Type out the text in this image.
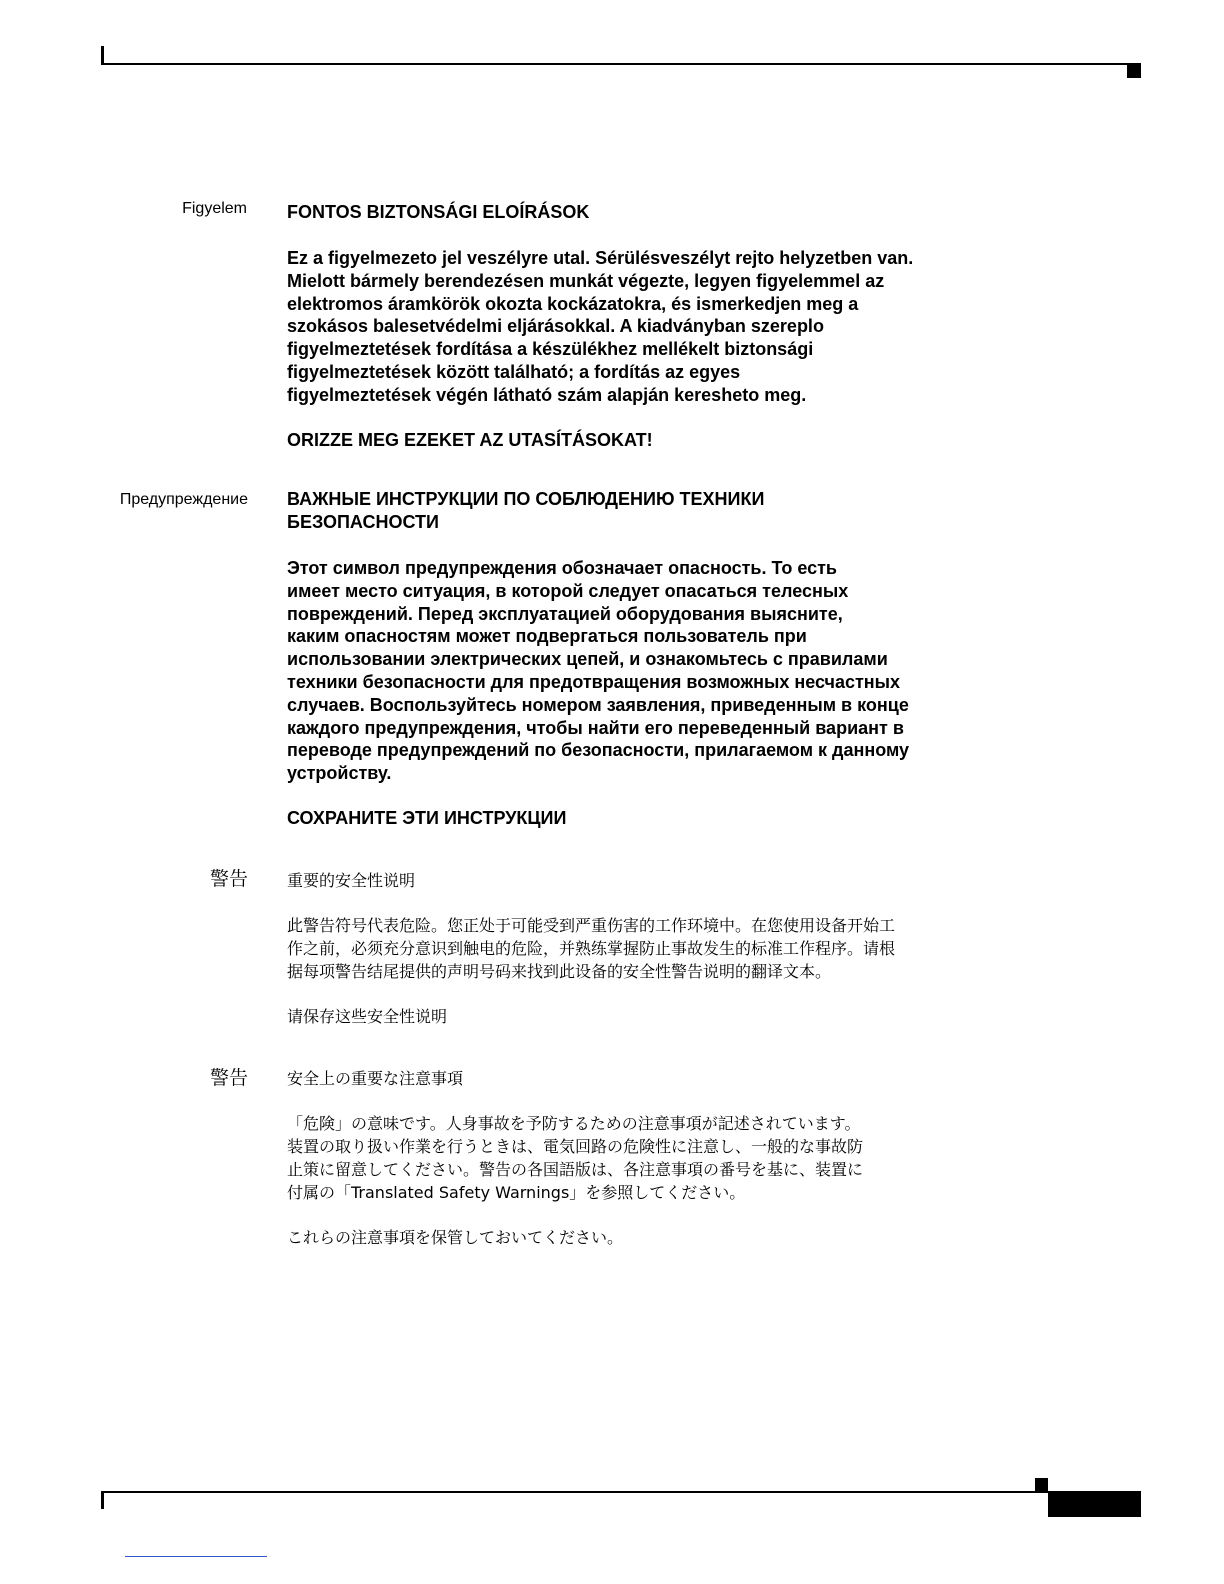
Figyelem FONTOS BIZTONSÁGI ELOÍRÁSOK

Ez a figyelmezeto jel veszélyre utal. Sérülésveszélyt rejto helyzetben van.

Mielott bármely berendezésen munkát végezte, legyen figyelemmel az

elektromos áramkörök okozta kockázatokra, és ismerkedjen meg a

szokásos balesetvédelmi eljárásokkal. A kiadványban szereplo

figyelmeztetések fordítása a készülékhez mellékelt biztonsági

figyelmeztetések között található; a fordítás az egyes

figyelmeztetések végén látható szám alapján keresheto meg.

ORIZZE MEG EZEKET AZ UTASÍTÁSOKAT!

Предупреждение ВАЖНЫЕ ИНСТРУКЦИИ ПО СОБЛЮДЕНИЮ ТЕХНИКИ

БЕЗОПАСНОСТИ

Этот символ предупреждения обозначает опасность. То есть

имеет место ситуация, в которой следует опасаться телесных

повреждений. Перед эксплуатацией оборудования выясните,

каким опасностям может подвергаться пользователь при

использовании электрических цепей, и ознакомьтесь с правилами

техники безопасности для предотвращения возможных несчастных

случаев. Воспользуйтесь номером заявления, приведенным в конце

каждого предупреждения, чтобы найти его переведенный вариант в

переводе предупреждений по безопасности, прилагаемом к данному

устройству.

СОХРАНИТЕ ЭТИ ИНСТРУКЦИИ

警告 重要的安全性说明

此警告符号代表危险。您正处于可能受到严重伤害的工作环境中。在您使用设备开始工

作之前，必须充分意识到触电的危险，并熟练掌握防止事故发生的标准工作程序。请根

据每项警告结尾提供的声明号码来找到此设备的安全性警告说明的翻译文本。

请保存这些安全性说明

警告 安全上の重要な注意事項

「危険」の意味です。人身事故を予防するための注意事項が記述されています。

装置の取り扱い作業を行うときは、電気回路の危険性に注意し、一般的な事故防

止策に留意してください。警告の各国語版は、各注意事項の番号を基に、装置に

付属の「Translated Safety Warnings」を参照してください。

これらの注意事項を保管しておいてください。
